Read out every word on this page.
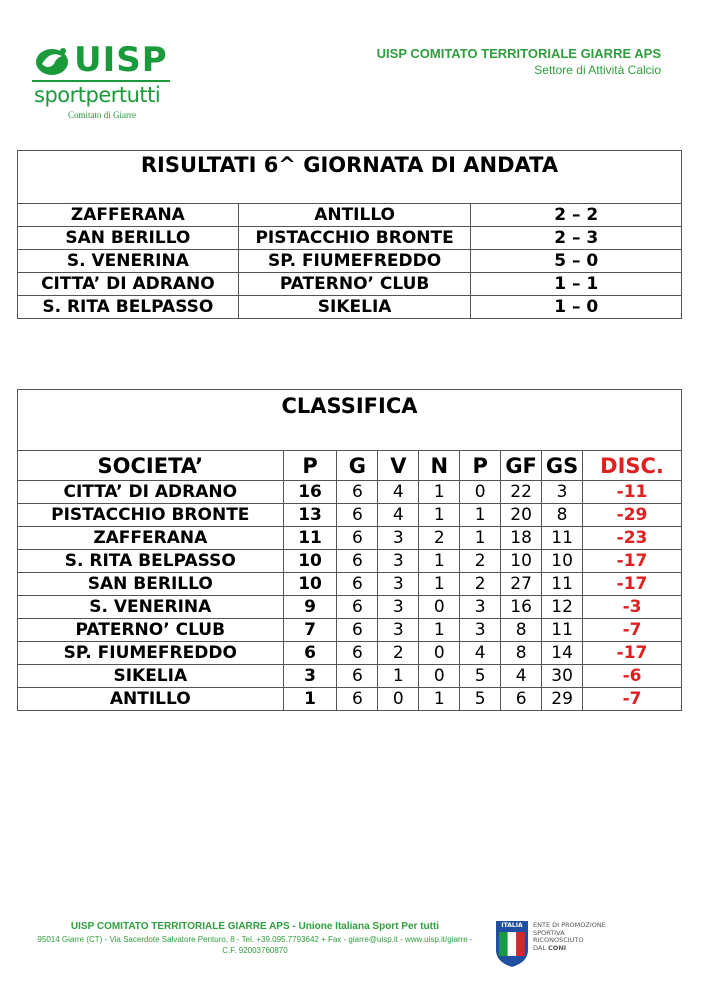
UISP
sportpertutti
Comitato di Giarre
UISP COMITATO TERRITORIALE GIARRE APS
Settore di Attività Calcio
RISULTATI 6^ GIORNATA DI ANDATA		
ZAFFERANA	ANTILLO	2 – 2
SAN BERILLO	PISTACCHIO BRONTE	2 – 3
S. VENERINA	SP. FIUMEFREDDO	5 – 0
CITTA’ DI ADRANO	PATERNO’ CLUB	1 – 1
S. RITA BELPASSO	SIKELIA	1 – 0
CLASSIFICA								
SOCIETA’	P	G	V	N	P	GF	GS	DISC.
CITTA’ DI ADRANO	16	6	4	1	0	22	3	-11
PISTACCHIO BRONTE	13	6	4	1	1	20	8	-29
ZAFFERANA	11	6	3	2	1	18	11	-23
S. RITA BELPASSO	10	6	3	1	2	10	10	-17
SAN BERILLO	10	6	3	1	2	27	11	-17
S. VENERINA	9	6	3	0	3	16	12	-3
PATERNO’ CLUB	7	6	3	1	3	8	11	-7
SP. FIUMEFREDDO	6	6	2	0	4	8	14	-17
SIKELIA	3	6	1	0	5	4	30	-6
ANTILLO	1	6	0	1	5	6	29	-7
UISP COMITATO TERRITORIALE GIARRE APS - Unione Italiana Sport Per tutti
95014 Giarre (CT) - Via Sacerdote Salvatore Penturo, 8 - Tel. +39.095.7793642 + Fax - giarre@uisp.it - www.uisp.it/giarre -
C.F. 92003760870
ITALIA	ENTE DI PROMOZIONE
SPORTIVA
RICONOSCIUTO
DAL CONI
